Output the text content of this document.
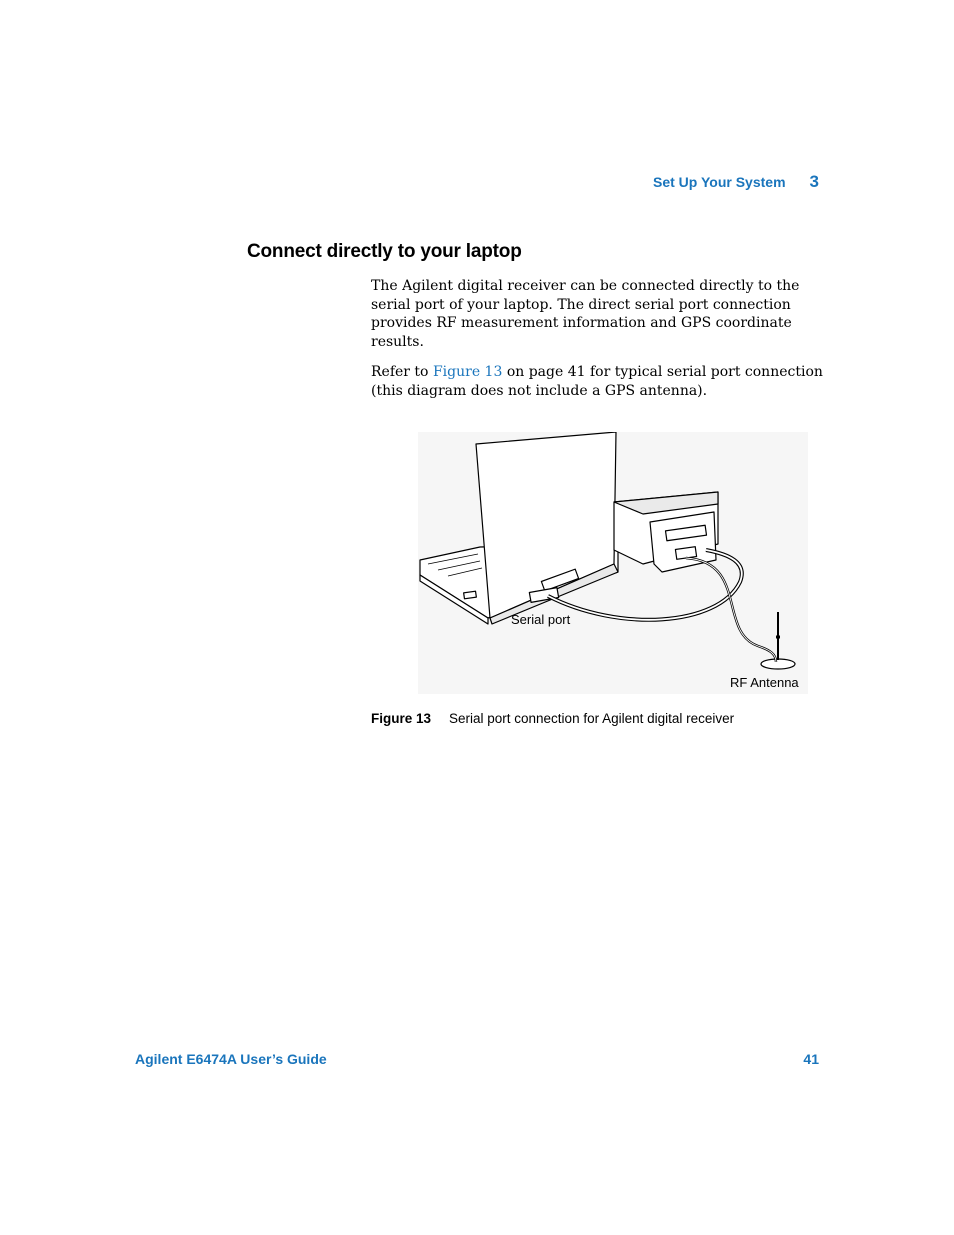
Set Up Your System 3
Connect directly to your laptop
The Agilent digital receiver can be connected directly to the serial port of your laptop. The direct serial port connection provides RF measurement information and GPS coordinate results.
Refer to Figure 13 on page 41 for typical serial port connection (this diagram does not include a GPS antenna).
Serial port
RF Antenna
Figure 13	Serial port connection for Agilent digital receiver
Agilent E6474A User’s Guide	41
